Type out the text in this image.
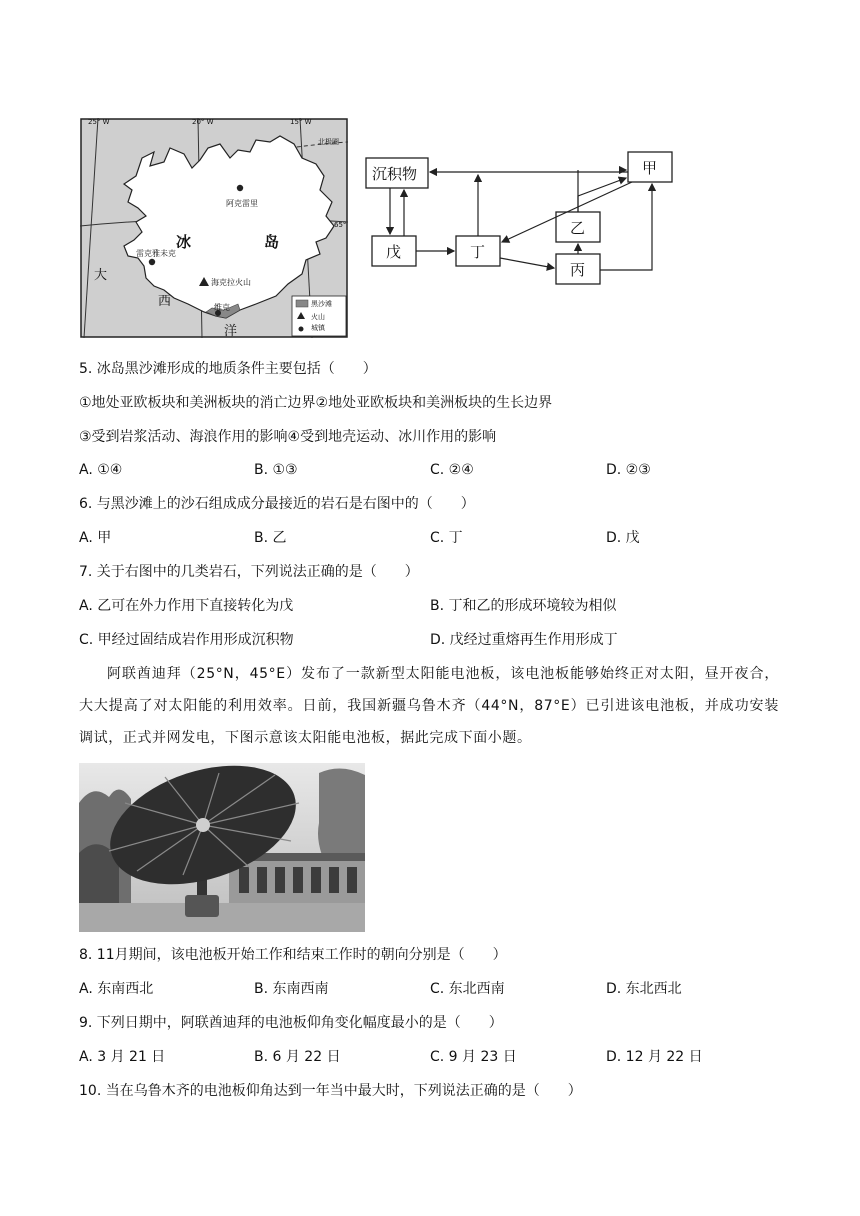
25° W	20° W	15° W
北极圈
65°
冰	岛
大
西
洋
阿克雷里
雷克雅未克
维克
海克拉火山
黑沙滩
火山
城镇
沉积物	甲
乙
戊	丁
丙
5. 冰岛黑沙滩形成的地质条件主要包括（　　）
①地处亚欧板块和美洲板块的消亡边界②地处亚欧板块和美洲板块的生长边界
③受到岩浆活动、海浪作用的影响④受到地壳运动、冰川作用的影响
A. ①④	B. ①③	C. ②④	D. ②③
6. 与黑沙滩上的沙石组成成分最接近的岩石是右图中的（　　）
A. 甲	B. 乙	C. 丁	D. 戊
7. 关于右图中的几类岩石，下列说法正确的是（　　）
A. 乙可在外力作用下直接转化为戊	B. 丁和乙的形成环境较为相似
C. 甲经过固结成岩作用形成沉积物	D. 戊经过重熔再生作用形成丁
阿联酋迪拜（25°N，45°E）发布了一款新型太阳能电池板，该电池板能够始终正对太阳，昼开夜合，大大提高了对太阳能的利用效率。日前，我国新疆乌鲁木齐（44°N，87°E）已引进该电池板，并成功安装调试，正式并网发电，下图示意该太阳能电池板，据此完成下面小题。
8. 11月期间，该电池板开始工作和结束工作时的朝向分别是（　　）
A. 东南西北	B. 东南西南	C. 东北西南	D. 东北西北
9. 下列日期中，阿联酋迪拜的电池板仰角变化幅度最小的是（　　）
A. 3 月 21 日	B. 6 月 22 日	C. 9 月 23 日	D. 12 月 22 日
10. 当在乌鲁木齐的电池板仰角达到一年当中最大时，下列说法正确的是（　　）
